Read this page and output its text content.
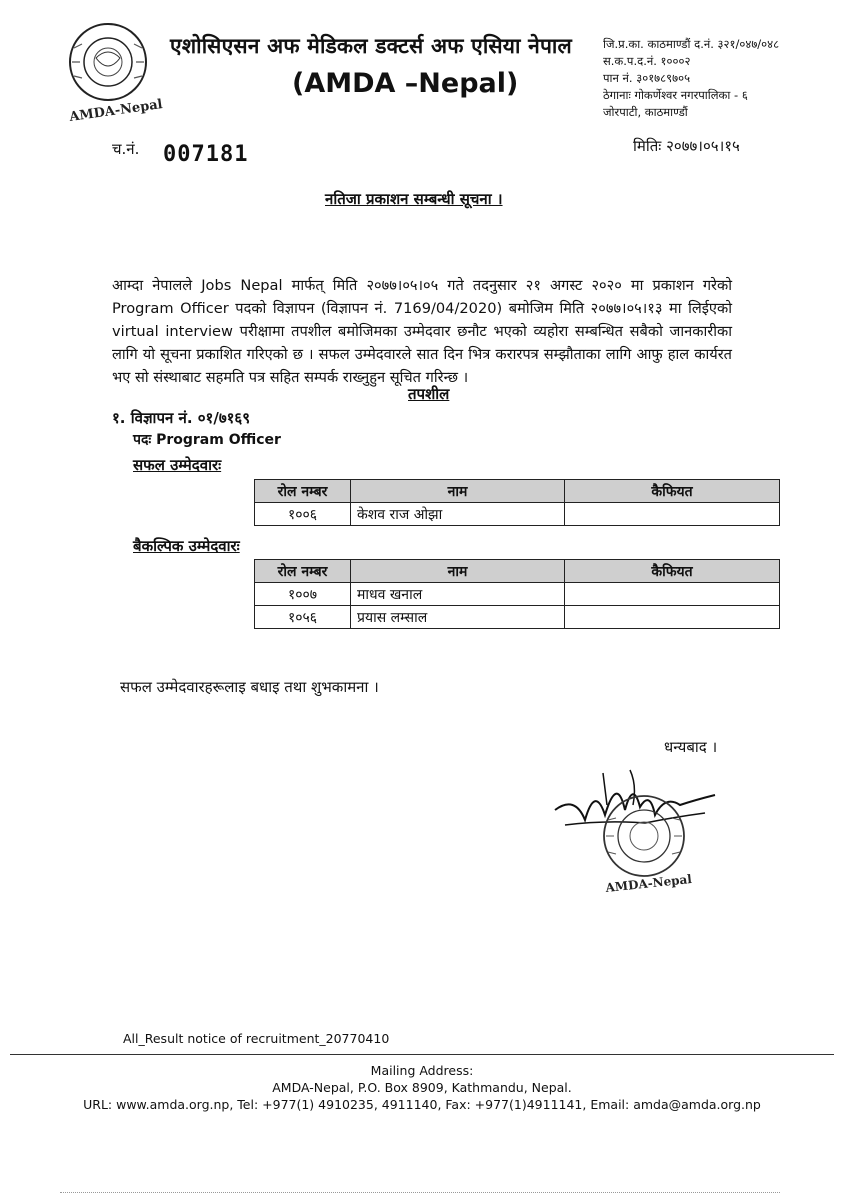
AMDA-Nepal
एशोसिएसन अफ मेडिकल डक्टर्स अफ एसिया नेपाल
(AMDA –Nepal)
जि.प्र.का. काठमाण्डौं द.नं. ३२१/०४७/०४८
स.क.प.द.नं. १०००२
पान नं. ३०१७८९७०५
ठेगानाः गोकर्णेश्वर नगरपालिका - ६
जोरपाटी, काठमाण्डौं
च.नं. 007181	मितिः २०७७।०५।१५
नतिजा प्रकाशन सम्बन्धी सूचना ।
आम्दा नेपालले Jobs Nepal मार्फत् मिति २०७७।०५।०५ गते तदनुसार २१ अगस्ट २०२० मा प्रकाशन गरेको Program Officer पदको विज्ञापन (विज्ञापन नं. 7169/04/2020) बमोजिम मिति २०७७।०५।१३ मा लिईएको virtual interview परीक्षामा तपशील बमोजिमका उम्मेदवार छनौट भएको व्यहोरा सम्बन्धित सबैको जानकारीका लागि यो सूचना प्रकाशित गरिएको छ । सफल उम्मेदवारले सात दिन भित्र करारपत्र सम्झौताका लागि आफु हाल कार्यरत भए सो संस्थाबाट सहमति पत्र सहित सम्पर्क राख्नुहुन सूचित गरिन्छ ।
तपशील
१. विज्ञापन नं. ०१/७१६९
पदः Program Officer
सफल उम्मेदवारः
रोल नम्बर	नाम	कैफियत
१००६	केशव राज ओझा	
बैकल्पिक उम्मेदवारः
रोल नम्बर	नाम	कैफियत
१००७	माधव खनाल	
१०५६	प्रयास लम्साल	
सफल उम्मेदवारहरूलाइ बधाइ तथा शुभकामना ।
धन्यबाद ।
AMDA-Nepal
All_Result notice of recruitment_20770410
Mailing Address:
AMDA-Nepal, P.O. Box 8909, Kathmandu, Nepal.
URL: www.amda.org.np, Tel: +977(1) 4910235, 4911140, Fax: +977(1)4911141, Email: amda@amda.org.np
